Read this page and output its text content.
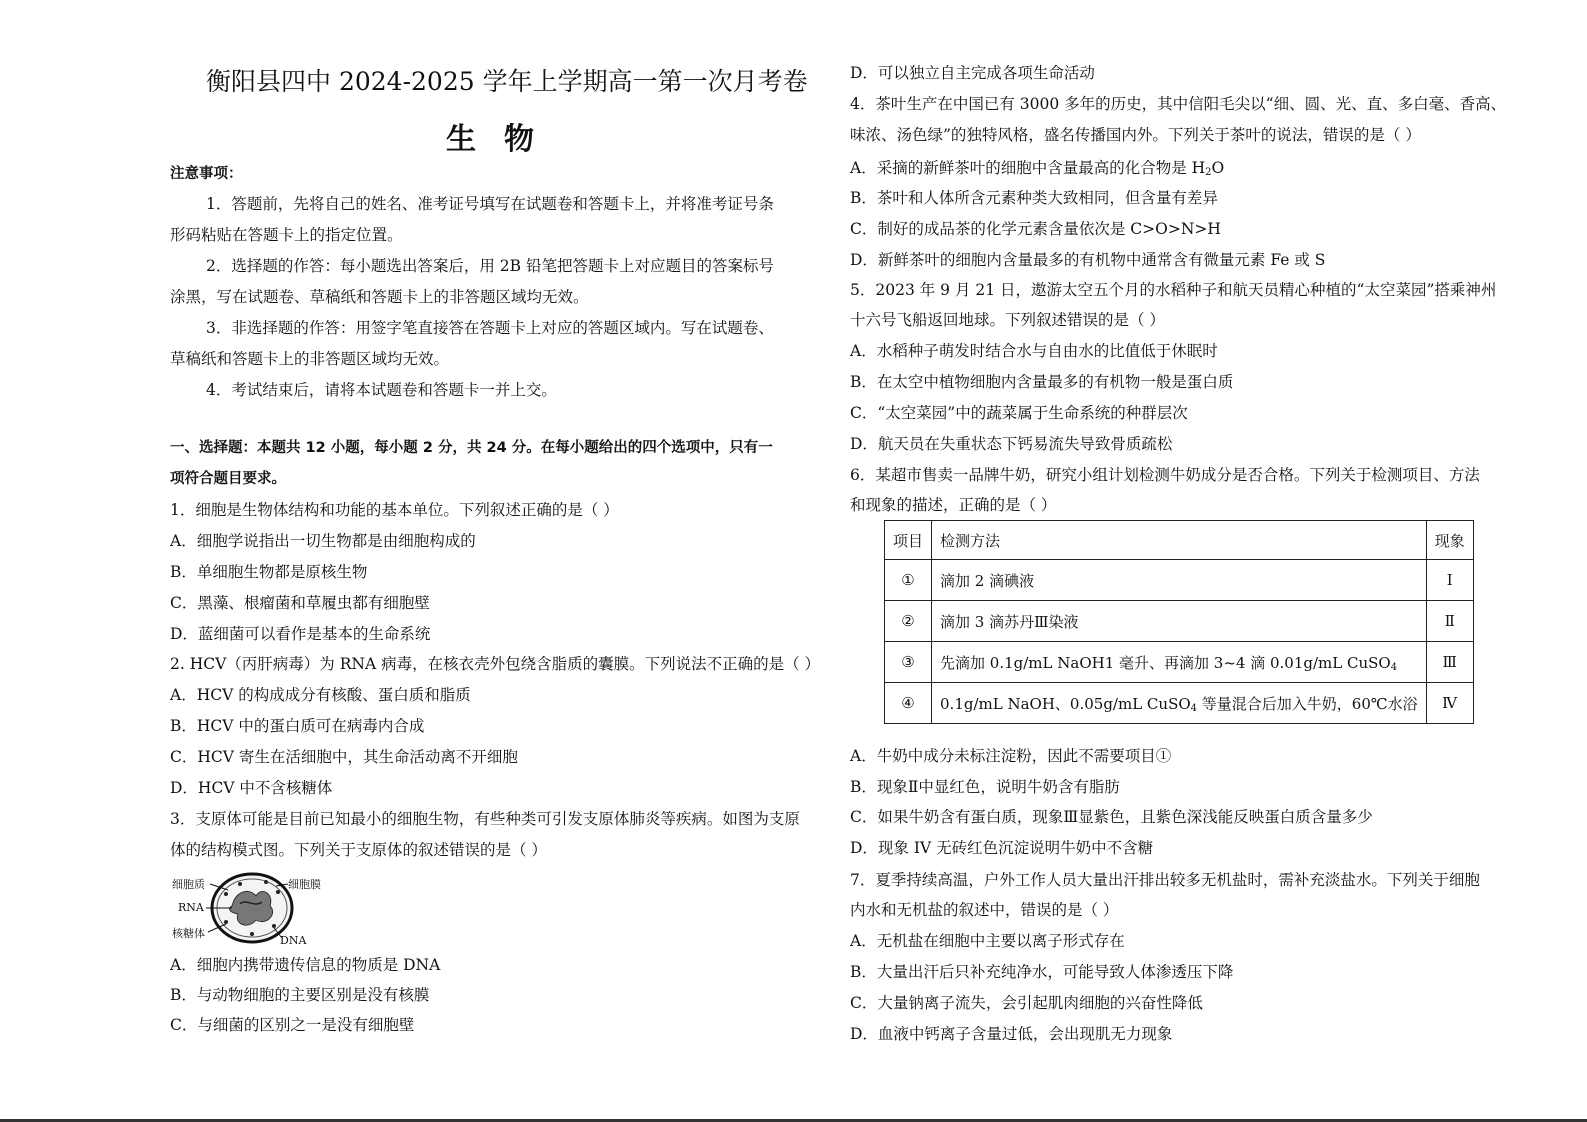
衡阳县四中 2024-2025 学年上学期高一第一次月考卷
生物
注意事项：
1．答题前，先将自己的姓名、准考证号填写在试题卷和答题卡上，并将准考证号条
形码粘贴在答题卡上的指定位置。
2．选择题的作答：每小题选出答案后，用 2B 铅笔把答题卡上对应题目的答案标号
涂黑，写在试题卷、草稿纸和答题卡上的非答题区域均无效。
3．非选择题的作答：用签字笔直接答在答题卡上对应的答题区域内。写在试题卷、
草稿纸和答题卡上的非答题区域均无效。
4．考试结束后，请将本试题卷和答题卡一并上交。
一、选择题：本题共 12 小题，每小题 2 分，共 24 分。在每小题给出的四个选项中，只有一
项符合题目要求。
1．细胞是生物体结构和功能的基本单位。下列叙述正确的是（ ）
A．细胞学说指出一切生物都是由细胞构成的
B．单细胞生物都是原核生物
C．黑藻、根瘤菌和草履虫都有细胞壁
D．蓝细菌可以看作是基本的生命系统
2. HCV（丙肝病毒）为 RNA 病毒，在核衣壳外包绕含脂质的囊膜。下列说法不正确的是（ ）
A．HCV 的构成成分有核酸、蛋白质和脂质
B．HCV 中的蛋白质可在病毒内合成
C．HCV 寄生在活细胞中，其生命活动离不开细胞
D．HCV 中不含核糖体
3．支原体可能是目前已知最小的细胞生物，有些种类可引发支原体肺炎等疾病。如图为支原
体的结构模式图。下列关于支原体的叙述错误的是（ ）
细胞质	细胞膜
RNA
核糖体
DNA
A．细胞内携带遗传信息的物质是 DNA
B．与动物细胞的主要区别是没有核膜
C．与细菌的区别之一是没有细胞壁
D．可以独立自主完成各项生命活动
4．茶叶生产在中国已有 3000 多年的历史，其中信阳毛尖以“细、圆、光、直、多白毫、香高、
味浓、汤色绿”的独特风格，盛名传播国内外。下列关于茶叶的说法，错误的是（ ）
A．采摘的新鲜茶叶的细胞中含量最高的化合物是 $H_2O$
B．茶叶和人体所含元素种类大致相同，但含量有差异
C．制好的成品茶的化学元素含量依次是 C>O>N>H
D．新鲜茶叶的细胞内含量最多的有机物中通常含有微量元素 Fe 或 S
5．2023 年 9 月 21 日，遨游太空五个月的水稻种子和航天员精心种植的“太空菜园”搭乘神州
十六号飞船返回地球。下列叙述错误的是（ ）
A．水稻种子萌发时结合水与自由水的比值低于休眠时
B．在太空中植物细胞内含量最多的有机物一般是蛋白质
C．“太空菜园”中的蔬菜属于生命系统的种群层次
D．航天员在失重状态下钙易流失导致骨质疏松
6．某超市售卖一品牌牛奶，研究小组计划检测牛奶成分是否合格。下列关于检测项目、方法
和现象的描述，正确的是（ ）
项目	检测方法	现象
①	滴加 2 滴碘液	Ⅰ
②	滴加 3 滴苏丹Ⅲ染液	Ⅱ
③	先滴加 0.1g/mL NaOH1 毫升、再滴加 3~4 滴 0.01g/mL CuSO$_4$	Ⅲ
④	0.1g/mL NaOH、0.05g/mL CuSO$_4$ 等量混合后加入牛奶，60℃水浴	Ⅳ
A．牛奶中成分未标注淀粉，因此不需要项目①
B．现象Ⅱ中显红色，说明牛奶含有脂肪
C．如果牛奶含有蛋白质，现象Ⅲ显紫色，且紫色深浅能反映蛋白质含量多少
D．现象 IV 无砖红色沉淀说明牛奶中不含糖
7．夏季持续高温，户外工作人员大量出汗排出较多无机盐时，需补充淡盐水。下列关于细胞
内水和无机盐的叙述中，错误的是（ ）
A．无机盐在细胞中主要以离子形式存在
B．大量出汗后只补充纯净水，可能导致人体渗透压下降
C．大量钠离子流失，会引起肌肉细胞的兴奋性降低
D．血液中钙离子含量过低，会出现肌无力现象
